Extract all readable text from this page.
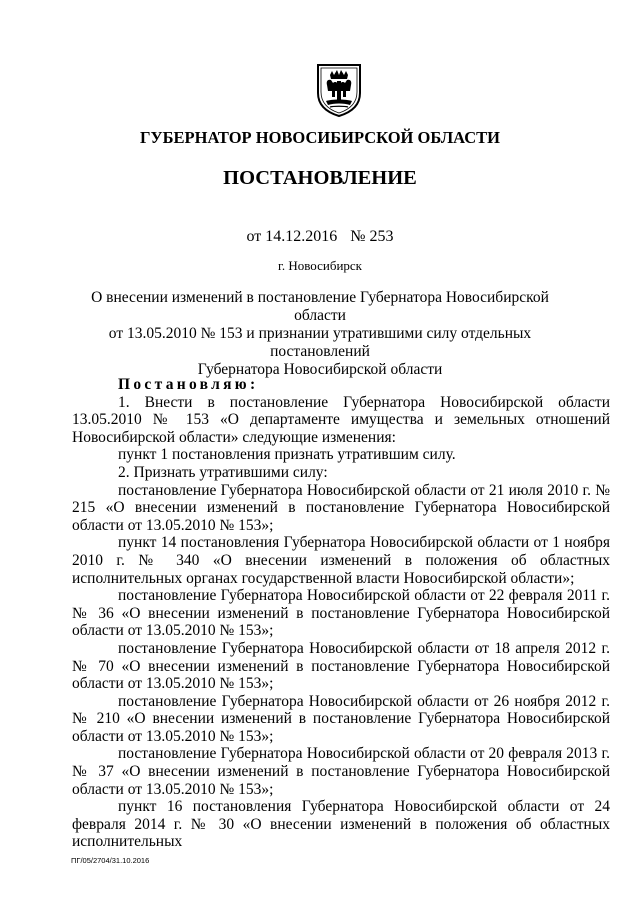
ГУБЕРНАТОР НОВОСИБИРСКОЙ ОБЛАСТИ
ПОСТАНОВЛЕНИЕ
от 14.12.2016 № 253
г. Новосибирск
О внесении изменений в постановление Губернатора Новосибирской области
от 13.05.2010 № 153 и признании утратившими силу отдельных постановлений
Губернатора Новосибирской области

Постановляю:

1. Внести в постановление Губернатора Новосибирской области 13.05.2010 № 153 «О департаменте имущества и земельных отношений Новосибирской области» следующие изменения:

пункт 1 постановления признать утратившим силу.

2. Признать утратившими силу:

постановление Губернатора Новосибирской области от 21 июля 2010 г. № 215 «О внесении изменений в постановление Губернатора Новосибирской области от 13.05.2010 № 153»;

пункт 14 постановления Губернатора Новосибирской области от 1 ноября 2010 г. № 340 «О внесении изменений в положения об областных исполнительных органах государственной власти Новосибирской области»;

постановление Губернатора Новосибирской области от 22 февраля 2011 г. № 36 «О внесении изменений в постановление Губернатора Новосибирской области от 13.05.2010 № 153»;

постановление Губернатора Новосибирской области от 18 апреля 2012 г. № 70 «О внесении изменений в постановление Губернатора Новосибирской области от 13.05.2010 № 153»;

постановление Губернатора Новосибирской области от 26 ноября 2012 г. № 210 «О внесении изменений в постановление Губернатора Новосибирской области от 13.05.2010 № 153»;

постановление Губернатора Новосибирской области от 20 февраля 2013 г. № 37 «О внесении изменений в постановление Губернатора Новосибирской области от 13.05.2010 № 153»;

пункт 16 постановления Губернатора Новосибирской области от 24 февраля 2014 г. № 30 «О внесении изменений в положения об областных исполнительных

ПГ/05/2704/31.10.2016
